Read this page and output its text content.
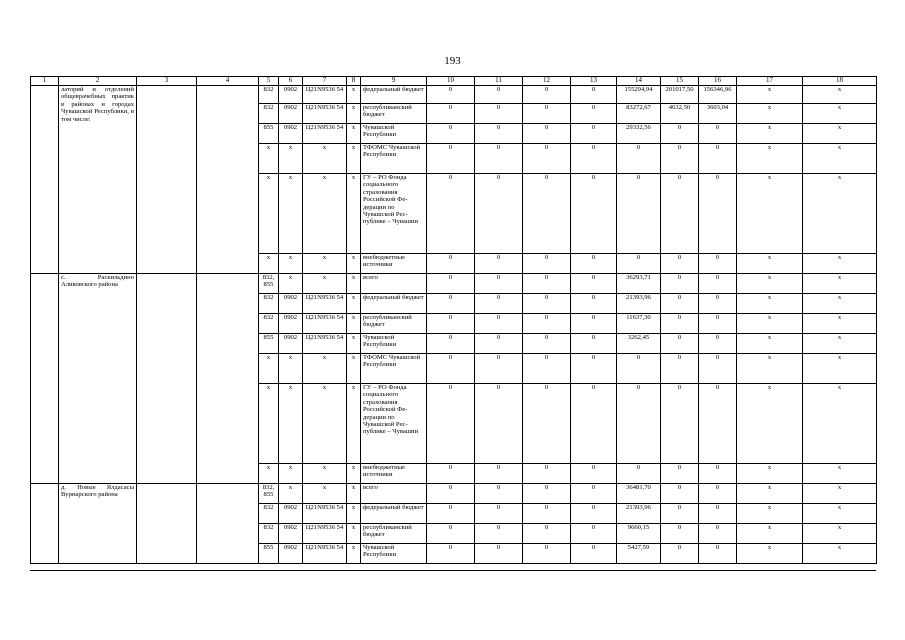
193
1	2	3	4	5	6	7	8	9	10	11	12	13	14	15	16	17	18
	латорий и отделений общеврачебных практик в районах и городах Чувашской Республики, в том числе:			832	0902	Ц21N9536 54	х	федеральный бюджет	0	0	0	0	155294,94	201017,50	156346,96	х	х
				832	0902	Ц21N9536 54	х	республиканский бюджет	0	0	0	0	83272,67	4632,50	3603,04	х	х
				855	0902	Ц21N9536 54	х	Чувашской Республики	0	0	0	0	29332,56	0	0	х	х
				х	х	х	х	ТФОМС Чувашской Республики	0	0	0	0	0	0	0	х	х
				х	х	х	х	ГУ – РО Фонда социального страхования Российской Федерации по Чувашской Республике – Чувашии	0	0	0	0	0	0	0	х	х
				х	х	х	х	внебюджетные источники	0	0	0	0	0	0	0	х	х
	с. Раскильдино Аликовского района			832, 855	х	х	х	всего	0	0	0	0	36293,71	0	0	х	х
				832	0902	Ц21N9536 54	х	федеральный бюджет	0	0	0	0	21393,96	0	0	х	х
				832	0902	Ц21N9536 54	х	республиканский бюджет	0	0	0	0	11637,30	0	0	х	х
				855	0902	Ц21N9536 54	х	Чувашской Республики	0	0	0	0	3262,45	0	0	х	х
				х	х	х	х	ТФОМС Чувашской Республики	0	0	0	0	0	0	0	х	х
				х	х	х	х	ГУ – РО Фонда социального страхования Российской Федерации по Чувашской Республике – Чувашии	0	0	0	0	0	0	0	х	х
				х	х	х	х	внебюджетные источники	0	0	0	0	0	0	0	х	х
	д. Новые Ялдасасы Вурнарского района			832, 855	х	х	х	всего	0	0	0	0	36481,70	0	0	х	х
				832	0902	Ц21N9536 54	х	федеральный бюджет	0	0	0	0	21393,96	0	0	х	х
				832	0902	Ц21N9536 54	х	республиканский бюджет	0	0	0	0	9660,15	0	0	х	х
				855	0902	Ц21N9536 54	х	Чувашской Республики	0	0	0	0	5427,59	0	0	х	х
